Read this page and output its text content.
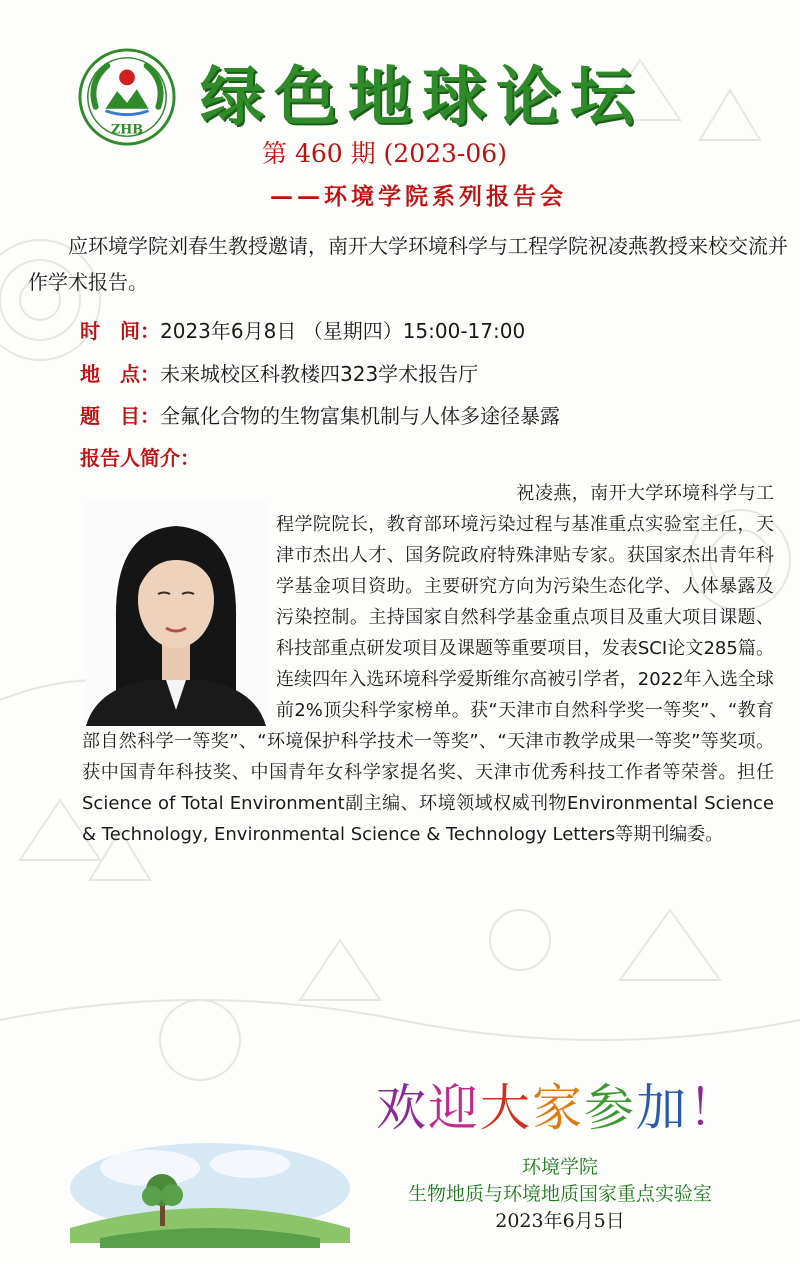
ZHB 绿色地球论坛
第 460 期 (2023-06)
——环境学院系列报告会

应环境学院刘春生教授邀请，南开大学环境科学与工程学院祝凌燕教授来校交流并作学术报告。

时　间：2023年6月8日 （星期四）15:00-17:00
地　点：未来城校区科教楼四323学术报告厅
题　目：全氟化合物的生物富集机制与人体多途径暴露
报告人简介：

祝凌燕，南开大学环境科学与工程学院院长，教育部环境污染过程与基准重点实验室主任，天津市杰出人才、国务院政府特殊津贴专家。获国家杰出青年科学基金项目资助。主要研究方向为污染生态化学、人体暴露及污染控制。主持国家自然科学基金重点项目及重大项目课题、科技部重点研发项目及课题等重要项目，发表SCI论文285篇。连续四年入选环境科学爱斯维尔高被引学者，2022年入选全球前2%顶尖科学家榜单。获“天津市自然科学奖一等奖”、“教育部自然科学一等奖”、“环境保护科学技术一等奖”、“天津市教学成果一等奖”等奖项。获中国青年科技奖、中国青年女科学家提名奖、天津市优秀科技工作者等荣誉。担任Science of Total Environment副主编、环境领域权威刊物Environmental Science & Technology, Environmental Science & Technology Letters等期刊编委。

欢迎大家参加！
环境学院
生物地质与环境地质国家重点实验室
2023年6月5日
